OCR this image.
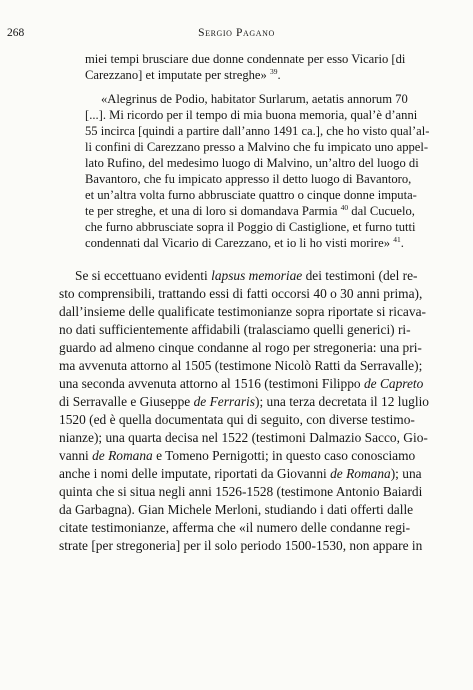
268	Sergio Pagano
miei tempi brusciare due donne condennate per esso Vicario [di
Carezzano] et imputate per streghe» $^{39}$.
«Alegrinus de Podio, habitator Surlarum, aetatis annorum 70
[...]. Mi ricordo per il tempo di mia buona memoria, qual’è d’anni
55 incirca [quindi a partire dall’anno 1491 ca.], che ho visto qual’al-
li confini di Carezzano presso a Malvino che fu impicato uno appel-
lato Rufino, del medesimo luogo di Malvino, un’altro del luogo di
Bavantoro, che fu impicato appresso il detto luogo di Bavantoro,
et un’altra volta furno abbrusciate quattro o cinque donne imputa-
te per streghe, et una di loro si domandava Parmia $^{40}$ dal Cucuelo,
che furno abbrusciate sopra il Poggio di Castiglione, et furno tutti
condennati dal Vicario di Carezzano, et io li ho visti morire» $^{41}$.
Se si eccettuano evidenti lapsus memoriae dei testimoni (del re-
sto comprensibili, trattando essi di fatti occorsi 40 o 30 anni prima),
dall’insieme delle qualificate testimonianze sopra riportate si ricava-
no dati sufficientemente affidabili (tralasciamo quelli generici) ri-
guardo ad almeno cinque condanne al rogo per stregoneria: una pri-
ma avvenuta attorno al 1505 (testimone Nicolò Ratti da Serravalle);
una seconda avvenuta attorno al 1516 (testimoni Filippo de Capreto
di Serravalle e Giuseppe de Ferraris); una terza decretata il 12 luglio
1520 (ed è quella documentata qui di seguito, con diverse testimo-
nianze); una quarta decisa nel 1522 (testimoni Dalmazio Sacco, Gio-
vanni de Romana e Tomeno Pernigotti; in questo caso conosciamo
anche i nomi delle imputate, riportati da Giovanni de Romana); una
quinta che si situa negli anni 1526-1528 (testimone Antonio Baiardi
da Garbagna). Gian Michele Merloni, studiando i dati offerti dalle
citate testimonianze, afferma che «il numero delle condanne regi-
strate [per stregoneria] per il solo periodo 1500-1530, non appare in
